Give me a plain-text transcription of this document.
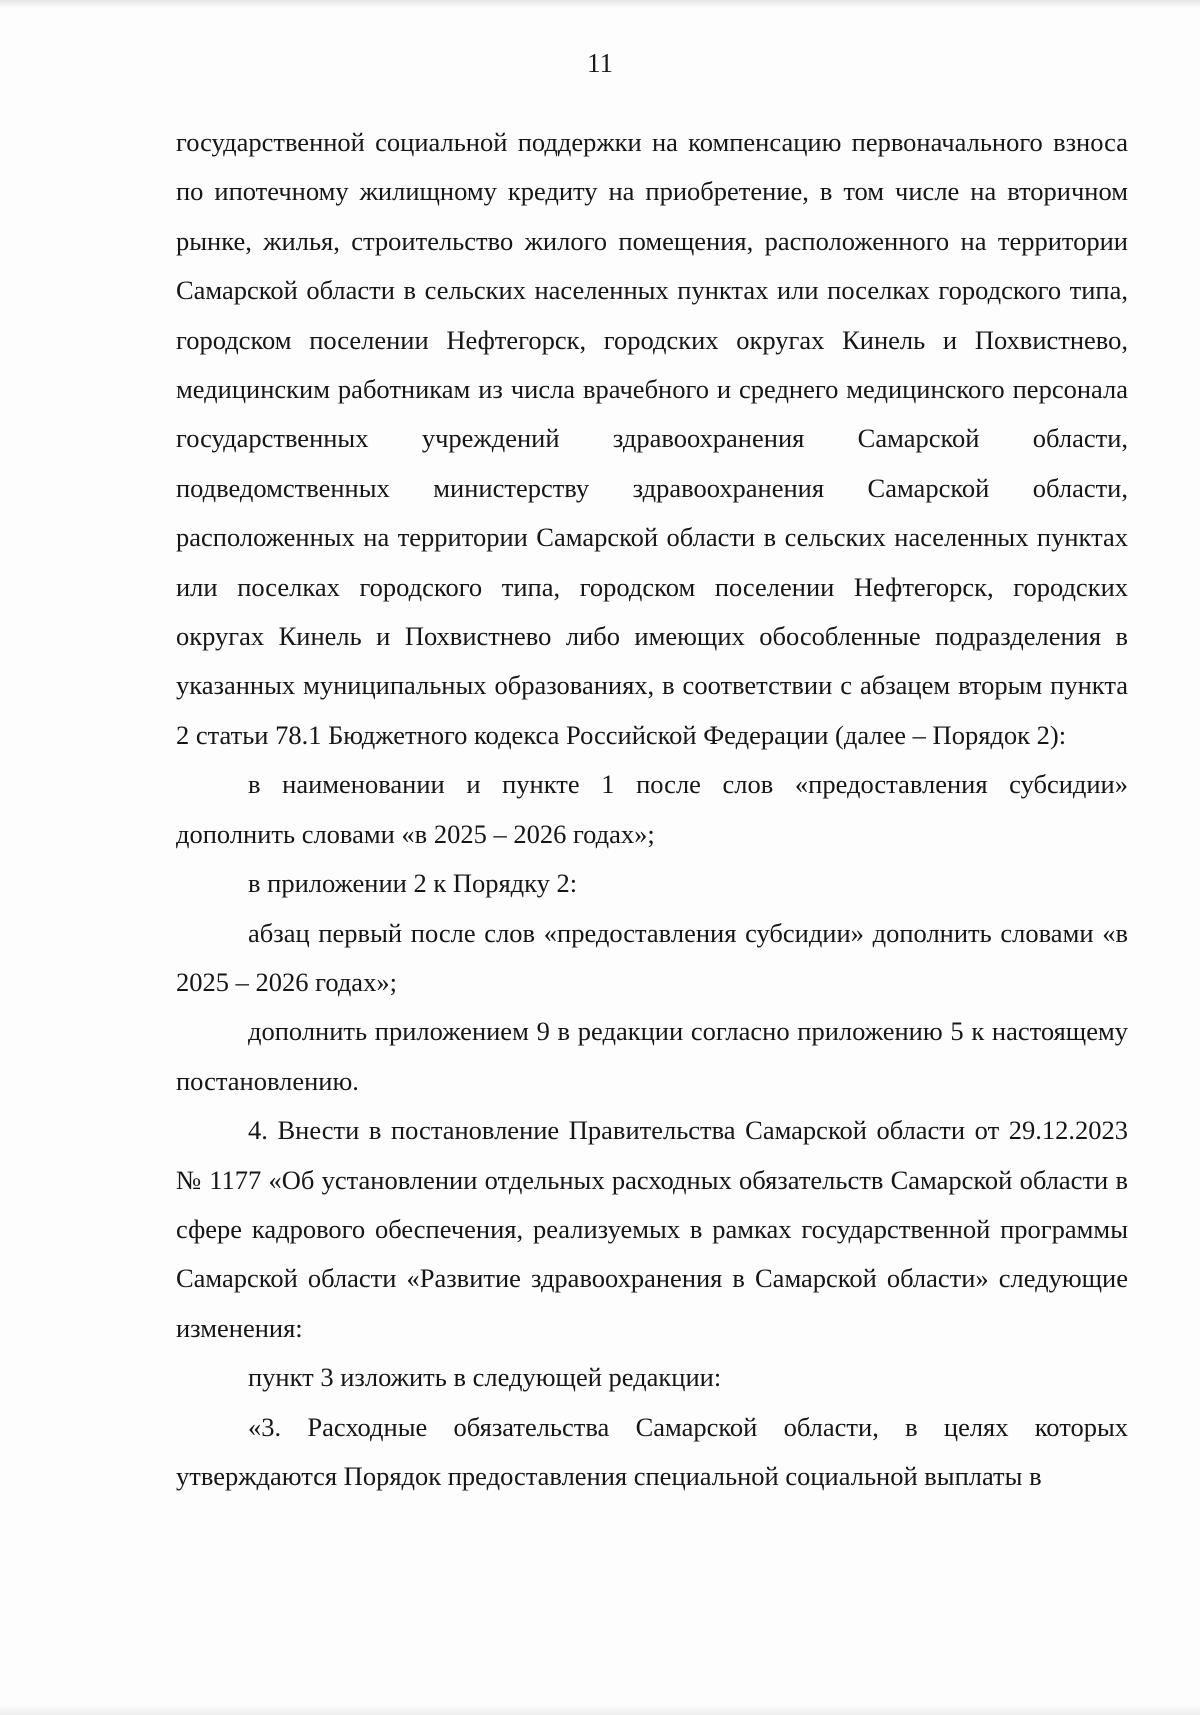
11

государственной социальной поддержки на компенсацию первоначального взноса по ипотечному жилищному кредиту на приобретение, в том числе на вторичном рынке, жилья, строительство жилого помещения, расположенного на территории Самарской области в сельских населенных пунктах или поселках городского типа, городском поселении Нефтегорск, городских округах Кинель и Похвистнево, медицинским работникам из числа врачебного и среднего медицинского персонала государственных учреждений здравоохранения Самарской области, подведомственных министерству здравоохранения Самарской области, расположенных на территории Самарской области в сельских населенных пунктах или поселках городского типа, городском поселении Нефтегорск, городских округах Кинель и Похвистнево либо имеющих обособленные подразделения в указанных муниципальных образованиях, в соответствии с абзацем вторым пункта 2 статьи 78.1 Бюджетного кодекса Российской Федерации (далее – Порядок 2):

в наименовании и пункте 1 после слов «предоставления субсидии» дополнить словами «в 2025 – 2026 годах»;

в приложении 2 к Порядку 2:

абзац первый после слов «предоставления субсидии» дополнить словами «в 2025 – 2026 годах»;

дополнить приложением 9 в редакции согласно приложению 5 к настоящему постановлению.

4. Внести в постановление Правительства Самарской области от 29.12.2023 № 1177 «Об установлении отдельных расходных обязательств Самарской области в сфере кадрового обеспечения, реализуемых в рамках государственной программы Самарской области «Развитие здравоохранения в Самарской области» следующие изменения:

пункт 3 изложить в следующей редакции:

«3. Расходные обязательства Самарской области, в целях которых утверждаются Порядок предоставления специальной социальной выплаты в
